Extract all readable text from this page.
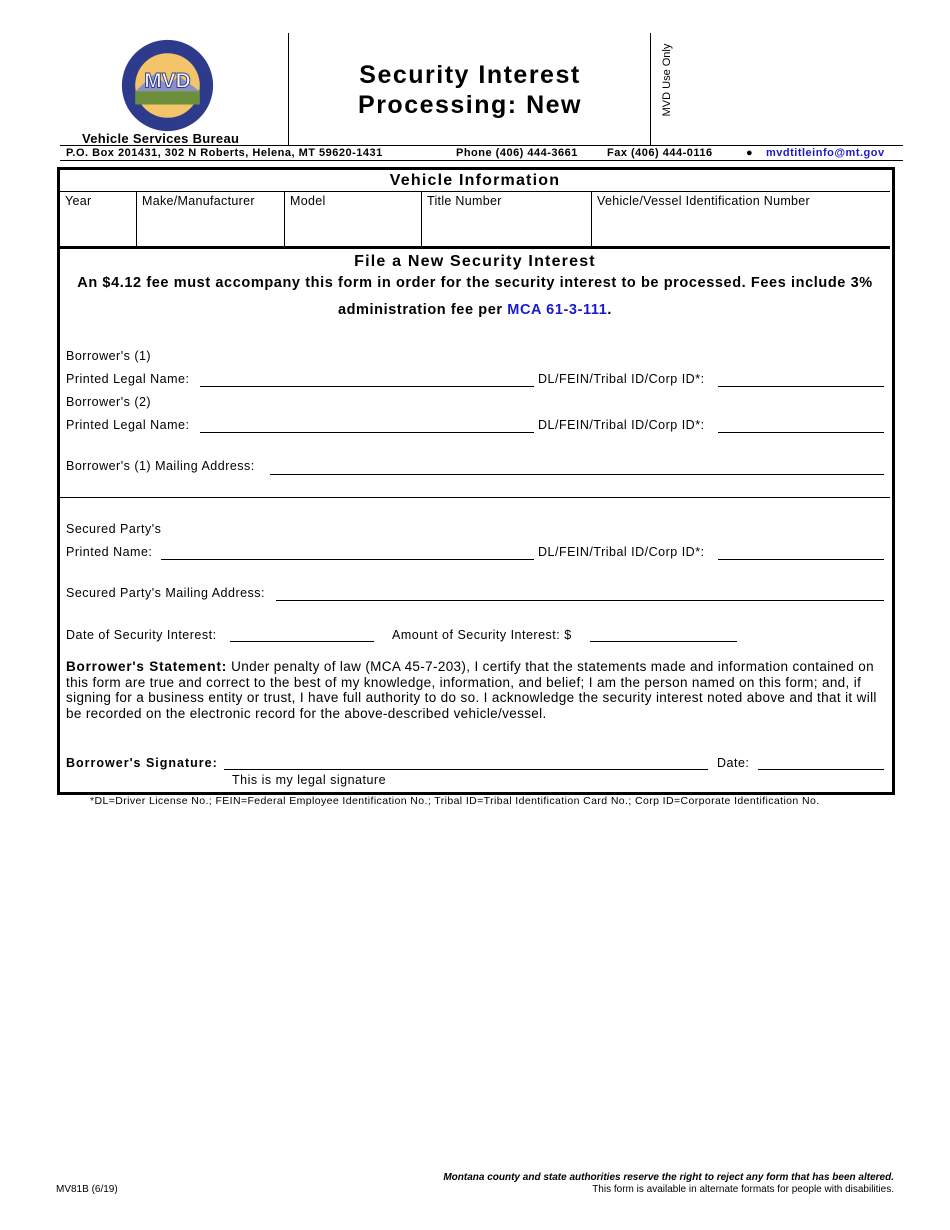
MVD
Vehicle Services Bureau
Security Interest
Processing: New	MVD Use Only
P.O. Box 201431, 302 N Roberts, Helena, MT 59620-1431	Phone (406) 444-3661	Fax (406) 444-0116	● mvdtitleinfo@mt.gov
Vehicle Information
Year	Make/Manufacturer	Model	Title Number	Vehicle/Vessel Identification Number
File a New Security Interest
An $4.12 fee must accompany this form in order for the security interest to be processed. Fees include 3% administration fee per MCA 61-3-111.
Borrower's (1)
Printed Legal Name:	DL/FEIN/Tribal ID/Corp ID*:
Borrower's (2)
Printed Legal Name:	DL/FEIN/Tribal ID/Corp ID*:
Borrower's (1) Mailing Address:
Secured Party's
Printed Name:	DL/FEIN/Tribal ID/Corp ID*:
Secured Party's Mailing Address:
Date of Security Interest:	Amount of Security Interest: $
Borrower's Statement: Under penalty of law (MCA 45-7-203), I certify that the statements made and information contained on this form are true and correct to the best of my knowledge, information, and belief; I am the person named on this form; and, if signing for a business entity or trust, I have full authority to do so. I acknowledge the security interest noted above and that it will be recorded on the electronic record for the above-described vehicle/vessel.
Borrower's Signature:	Date:
This is my legal signature
*DL=Driver License No.; FEIN=Federal Employee Identification No.; Tribal ID=Tribal Identification Card No.; Corp ID=Corporate Identification No.
MV81B (6/19)
Montana county and state authorities reserve the right to reject any form that has been altered.
This form is available in alternate formats for people with disabilities.
